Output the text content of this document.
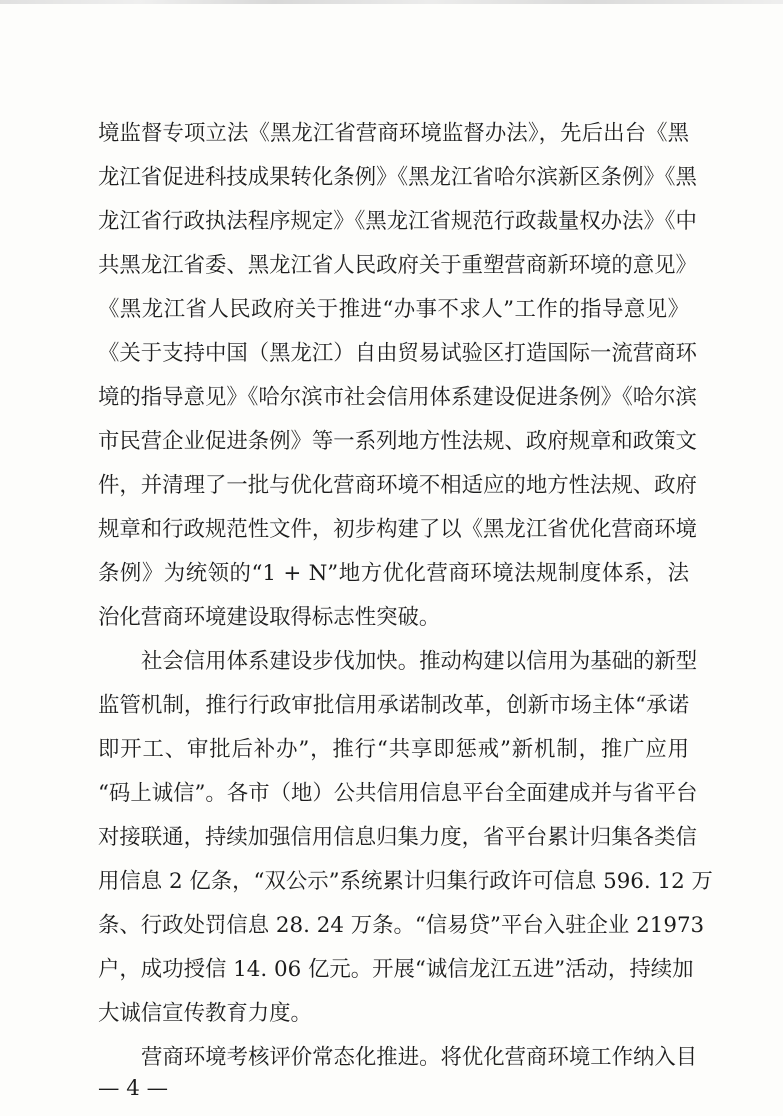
境监督专项立法《黑龙江省营商环境监督办法》，先后出台《黑
龙江省促进科技成果转化条例》《黑龙江省哈尔滨新区条例》《黑
龙江省行政执法程序规定》《黑龙江省规范行政裁量权办法》《中
共黑龙江省委、黑龙江省人民政府关于重塑营商新环境的意见》
《黑龙江省人民政府关于推进“办事不求人”工作的指导意见》
《关于支持中国（黑龙江）自由贸易试验区打造国际一流营商环
境的指导意见》《哈尔滨市社会信用体系建设促进条例》《哈尔滨
市民营企业促进条例》等一系列地方性法规、政府规章和政策文
件，并清理了一批与优化营商环境不相适应的地方性法规、政府
规章和行政规范性文件，初步构建了以《黑龙江省优化营商环境
条例》为统领的“1 + N”地方优化营商环境法规制度体系，法
治化营商环境建设取得标志性突破。
社会信用体系建设步伐加快。推动构建以信用为基础的新型
监管机制，推行行政审批信用承诺制改革，创新市场主体“承诺
即开工、审批后补办”，推行“共享即惩戒”新机制，推广应用
“码上诚信”。各市（地）公共信用信息平台全面建成并与省平台
对接联通，持续加强信用信息归集力度，省平台累计归集各类信
用信息 2 亿条，“双公示”系统累计归集行政许可信息 596. 12 万
条、行政处罚信息 28. 24 万条。“信易贷”平台入驻企业 21973
户，成功授信 14. 06 亿元。开展“诚信龙江五进”活动，持续加
大诚信宣传教育力度。
营商环境考核评价常态化推进。将优化营商环境工作纳入目
— 4 —
